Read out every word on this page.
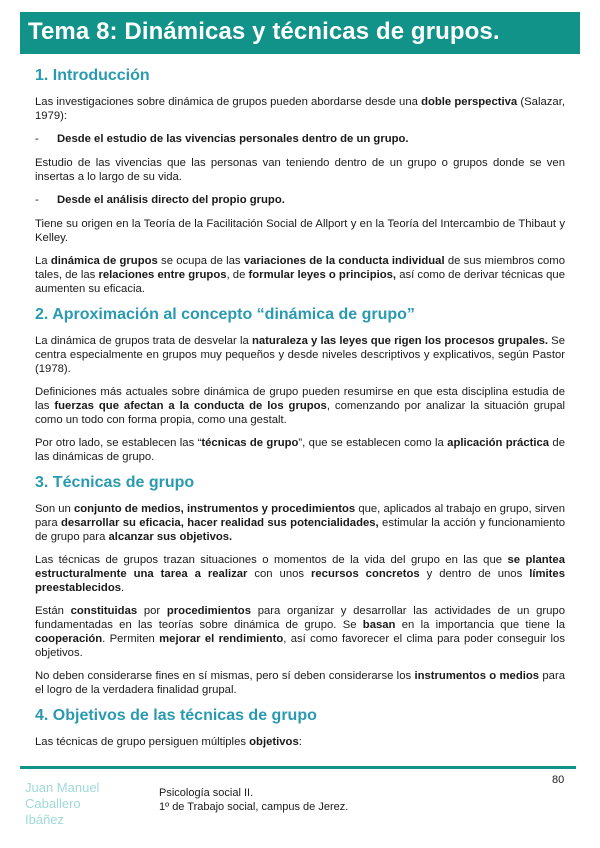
Tema 8: Dinámicas y técnicas de grupos.
1. Introducción

Las investigaciones sobre dinámica de grupos pueden abordarse desde una doble perspectiva (Salazar, 1979):

- Desde el estudio de las vivencias personales dentro de un grupo.

Estudio de las vivencias que las personas van teniendo dentro de un grupo o grupos donde se ven insertas a lo largo de su vida.

- Desde el análisis directo del propio grupo.

Tiene su origen en la Teoría de la Facilitación Social de Allport y en la Teoría del Intercambio de Thibaut y Kelley.

La dinámica de grupos se ocupa de las variaciones de la conducta individual de sus miembros como tales, de las relaciones entre grupos, de formular leyes o principios, así como de derivar técnicas que aumenten su eficacia.

2. Aproximación al concepto “dinámica de grupo”

La dinámica de grupos trata de desvelar la naturaleza y las leyes que rigen los procesos grupales. Se centra especialmente en grupos muy pequeños y desde niveles descriptivos y explicativos, según Pastor (1978).

Definiciones más actuales sobre dinámica de grupo pueden resumirse en que esta disciplina estudia de las fuerzas que afectan a la conducta de los grupos, comenzando por analizar la situación grupal como un todo con forma propia, como una gestalt.

Por otro lado, se establecen las “técnicas de grupo”, que se establecen como la aplicación práctica de las dinámicas de grupo.

3. Técnicas de grupo

Son un conjunto de medios, instrumentos y procedimientos que, aplicados al trabajo en grupo, sirven para desarrollar su eficacia, hacer realidad sus potencialidades, estimular la acción y funcionamiento de grupo para alcanzar sus objetivos.

Las técnicas de grupos trazan situaciones o momentos de la vida del grupo en las que se plantea estructuralmente una tarea a realizar con unos recursos concretos y dentro de unos límites preestablecidos.

Están constituidas por procedimientos para organizar y desarrollar las actividades de un grupo fundamentadas en las teorías sobre dinámica de grupo. Se basan en la importancia que tiene la cooperación. Permiten mejorar el rendimiento, así como favorecer el clima para poder conseguir los objetivos.

No deben considerarse fines en sí mismas, pero sí deben considerarse los instrumentos o medios para el logro de la verdadera finalidad grupal.

4. Objetivos de las técnicas de grupo

Las técnicas de grupo persiguen múltiples objetivos:

80
Juan Manuel
Caballero
Ibáñez
Psicología social II.
1º de Trabajo social, campus de Jerez.
